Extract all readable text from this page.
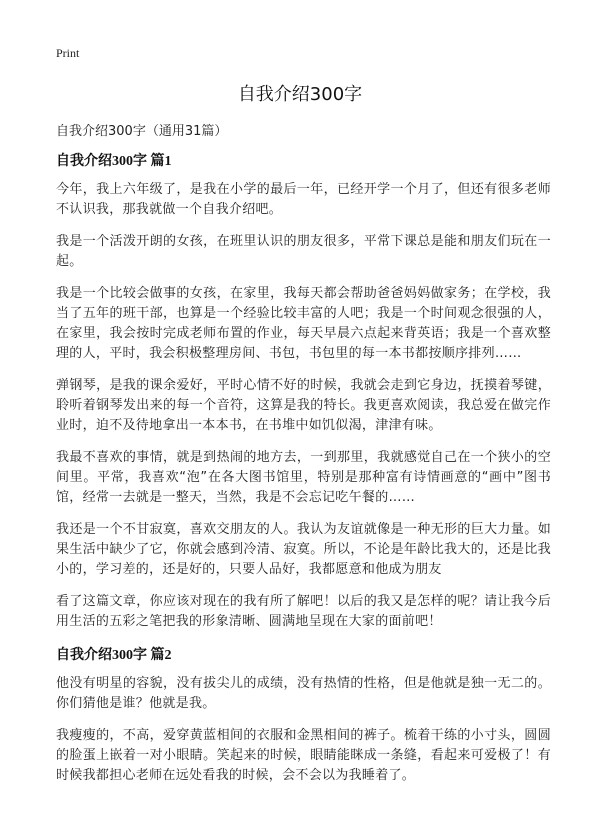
Print
自我介绍300字

自我介绍300字（通用31篇）

自我介绍300字 篇1

今年，我上六年级了，是我在小学的最后一年，已经开学一个月了，但还有很多老师不认识我，那我就做一个自我介绍吧。

我是一个活泼开朗的女孩，在班里认识的朋友很多，平常下课总是能和朋友们玩在一起。

我是一个比较会做事的女孩，在家里，我每天都会帮助爸爸妈妈做家务；在学校，我当了五年的班干部，也算是一个经验比较丰富的人吧；我是一个时间观念很强的人，在家里，我会按时完成老师布置的作业，每天早晨六点起来背英语；我是一个喜欢整理的人，平时，我会积极整理房间、书包，书包里的每一本书都按顺序排列……

弹钢琴，是我的课余爱好，平时心情不好的时候，我就会走到它身边，抚摸着琴键，聆听着钢琴发出来的每一个音符，这算是我的特长。我更喜欢阅读，我总爱在做完作业时，迫不及待地拿出一本本书，在书堆中如饥似渴，津津有味。

我最不喜欢的事情，就是到热闹的地方去，一到那里，我就感觉自己在一个狭小的空间里。平常，我喜欢“泡”在各大图书馆里，特别是那种富有诗情画意的“画中”图书馆，经常一去就是一整天，当然，我是不会忘记吃午餐的……

我还是一个不甘寂寞，喜欢交朋友的人。我认为友谊就像是一种无形的巨大力量。如果生活中缺少了它，你就会感到冷清、寂寞。所以，不论是年龄比我大的，还是比我小的，学习差的，还是好的，只要人品好，我都愿意和他成为朋友

看了这篇文章，你应该对现在的我有所了解吧！以后的我又是怎样的呢？请让我今后用生活的五彩之笔把我的形象清晰、圆满地呈现在大家的面前吧！

自我介绍300字 篇2

他没有明星的容貌，没有拔尖儿的成绩，没有热情的性格，但是他就是独一无二的。你们猜他是谁？他就是我。

我瘦瘦的，不高，爱穿黄蓝相间的衣服和金黑相间的裤子。梳着干练的小寸头，圆圆的脸蛋上嵌着一对小眼睛。笑起来的时候，眼睛能眯成一条缝，看起来可爱极了！有时候我都担心老师在远处看我的时候，会不会以为我睡着了。
